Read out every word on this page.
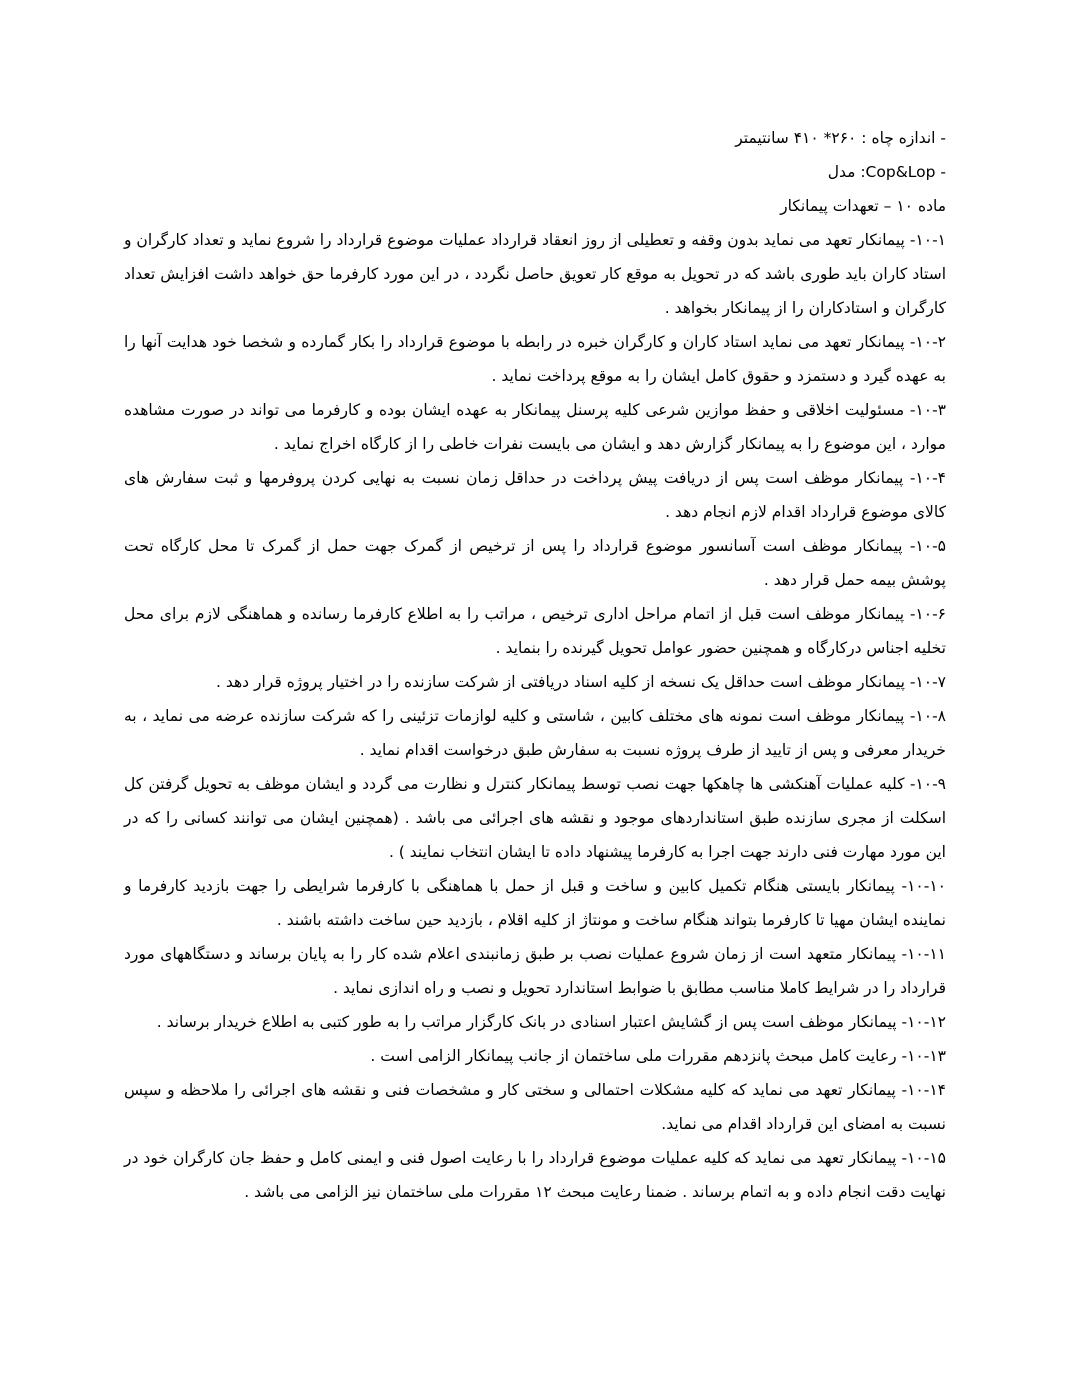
- اندازه چاه : ۲۶۰* ۴۱۰ سانتیمتر
- Cop&Lop: مدل
ماده ۱۰ – تعهدات پیمانکار

۱۰-۱- پیمانکار تعهد می نماید بدون وقفه و تعطیلی از روز انعقاد قرارداد عملیات موضوع قرارداد را شروع نماید و تعداد کارگران و استاد کاران باید طوری باشد که در تحویل به موقع کار تعویق حاصل نگردد ، در این مورد کارفرما حق خواهد داشت افزایش تعداد کارگران و استادکاران را از پیمانکار بخواهد .

۱۰-۲- پیمانکار تعهد می نماید استاد کاران و کارگران خبره در رابطه با موضوع قرارداد را بکار گمارده و شخصا خود هدایت آنها را به عهده گیرد و دستمزد و حقوق کامل ایشان را به موقع پرداخت نماید .

۱۰-۳- مسئولیت اخلاقی و حفظ موازین شرعی کلیه پرسنل پیمانکار به عهده ایشان بوده و کارفرما می تواند در صورت مشاهده موارد ، این موضوع را به پیمانکار گزارش دهد و ایشان می بایست نفرات خاطی را از کارگاه اخراج نماید .

۱۰-۴- پیمانکار موظف است پس از دریافت پیش پرداخت در حداقل زمان نسبت به نهایی کردن پروفرمها و ثبت سفارش های کالای موضوع قرارداد اقدام لازم انجام دهد .

۱۰-۵- پیمانکار موظف است آسانسور موضوع قرارداد را پس از ترخیص از گمرک جهت حمل از گمرک تا محل کارگاه تحت پوشش بیمه حمل قرار دهد .

۱۰-۶- پیمانکار موظف است قبل از اتمام مراحل اداری ترخیص ، مراتب را به اطلاع کارفرما رسانده و هماهنگی لازم برای محل تخلیه اجناس درکارگاه و همچنین حضور عوامل تحویل گیرنده را بنماید .

۱۰-۷- پیمانکار موظف است حداقل یک نسخه از کلیه اسناد دریافتی از شرکت سازنده را در اختیار پروژه قرار دهد .

۱۰-۸- پیمانکار موظف است نمونه های مختلف کابین ، شاستی و کلیه لوازمات تزئینی را که شرکت سازنده عرضه می نماید ، به خریدار معرفی و پس از تایید از طرف پروژه نسبت به سفارش طبق درخواست اقدام نماید .

۱۰-۹- کلیه عملیات آهنکشی ها چاهکها جهت نصب توسط پیمانکار کنترل و نظارت می گردد و ایشان موظف به تحویل گرفتن کل اسکلت از مجری سازنده طبق استانداردهای موجود و نقشه های اجرائی می باشد . (همچنین ایشان می توانند کسانی را که در این مورد مهارت فنی دارند جهت اجرا به کارفرما پیشنهاد داده تا ایشان انتخاب نمایند ) .

۱۰-۱۰- پیمانکار بایستی هنگام تکمیل کابین و ساخت و قبل از حمل با هماهنگی با کارفرما شرایطی را جهت بازدید کارفرما و نماینده ایشان مهیا تا کارفرما بتواند هنگام ساخت و مونتاژ از کلیه اقلام ، بازدید حین ساخت داشته باشند .

۱۰-۱۱- پیمانکار متعهد است از زمان شروع عملیات نصب بر طبق زمانبندی اعلام شده کار را به پایان برساند و دستگاههای مورد قرارداد را در شرایط کاملا مناسب مطابق با ضوابط استاندارد تحویل و نصب و راه اندازی نماید .

۱۰-۱۲- پیمانکار موظف است پس از گشایش اعتبار اسنادی در بانک کارگزار مراتب را به طور کتبی به اطلاع خریدار برساند .

۱۰-۱۳- رعایت کامل مبحث پانزدهم مقررات ملی ساختمان از جانب پیمانکار الزامی است .

۱۰-۱۴- پیمانکار تعهد می نماید که کلیه مشکلات احتمالی و سختی کار و مشخصات فنی و نقشه های اجرائی را ملاحظه و سپس نسبت به امضای این قرارداد اقدام می نماید.

۱۰-۱۵- پیمانکار تعهد می نماید که کلیه عملیات موضوع قرارداد را با رعایت اصول فنی و ایمنی کامل و حفظ جان کارگران خود در نهایت دقت انجام داده و به اتمام برساند . ضمنا رعایت مبحث ۱۲ مقررات ملی ساختمان نیز الزامی می باشد .
